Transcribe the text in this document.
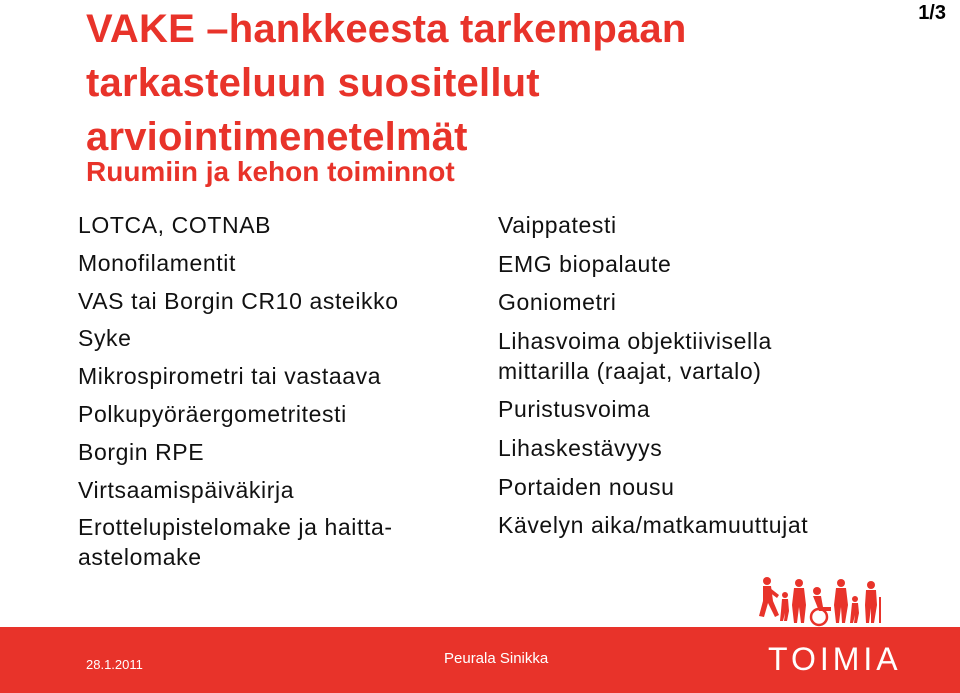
1/3
VAKE –hankkeesta tarkempaan
tarkasteluun suositellut
arviointimenetelmät
Ruumiin ja kehon toiminnot
LOTCA, COTNAB
Monofilamentit
VAS tai Borgin CR10 asteikko
Syke
Mikrospirometri tai vastaava
Polkupyöräergometritesti
Borgin RPE
Virtsaamispäiväkirja
Erottelupistelomake ja haitta-
astelomake
Vaippatesti
EMG biopalaute
Goniometri
Lihasvoima objektiivisella
mittarilla (raajat, vartalo)
Puristusvoima
Lihaskestävyys
Portaiden nousu
Kävelyn aika/matkamuuttujat
28.1.2011	Peurala Sinikka	TOIMIA
